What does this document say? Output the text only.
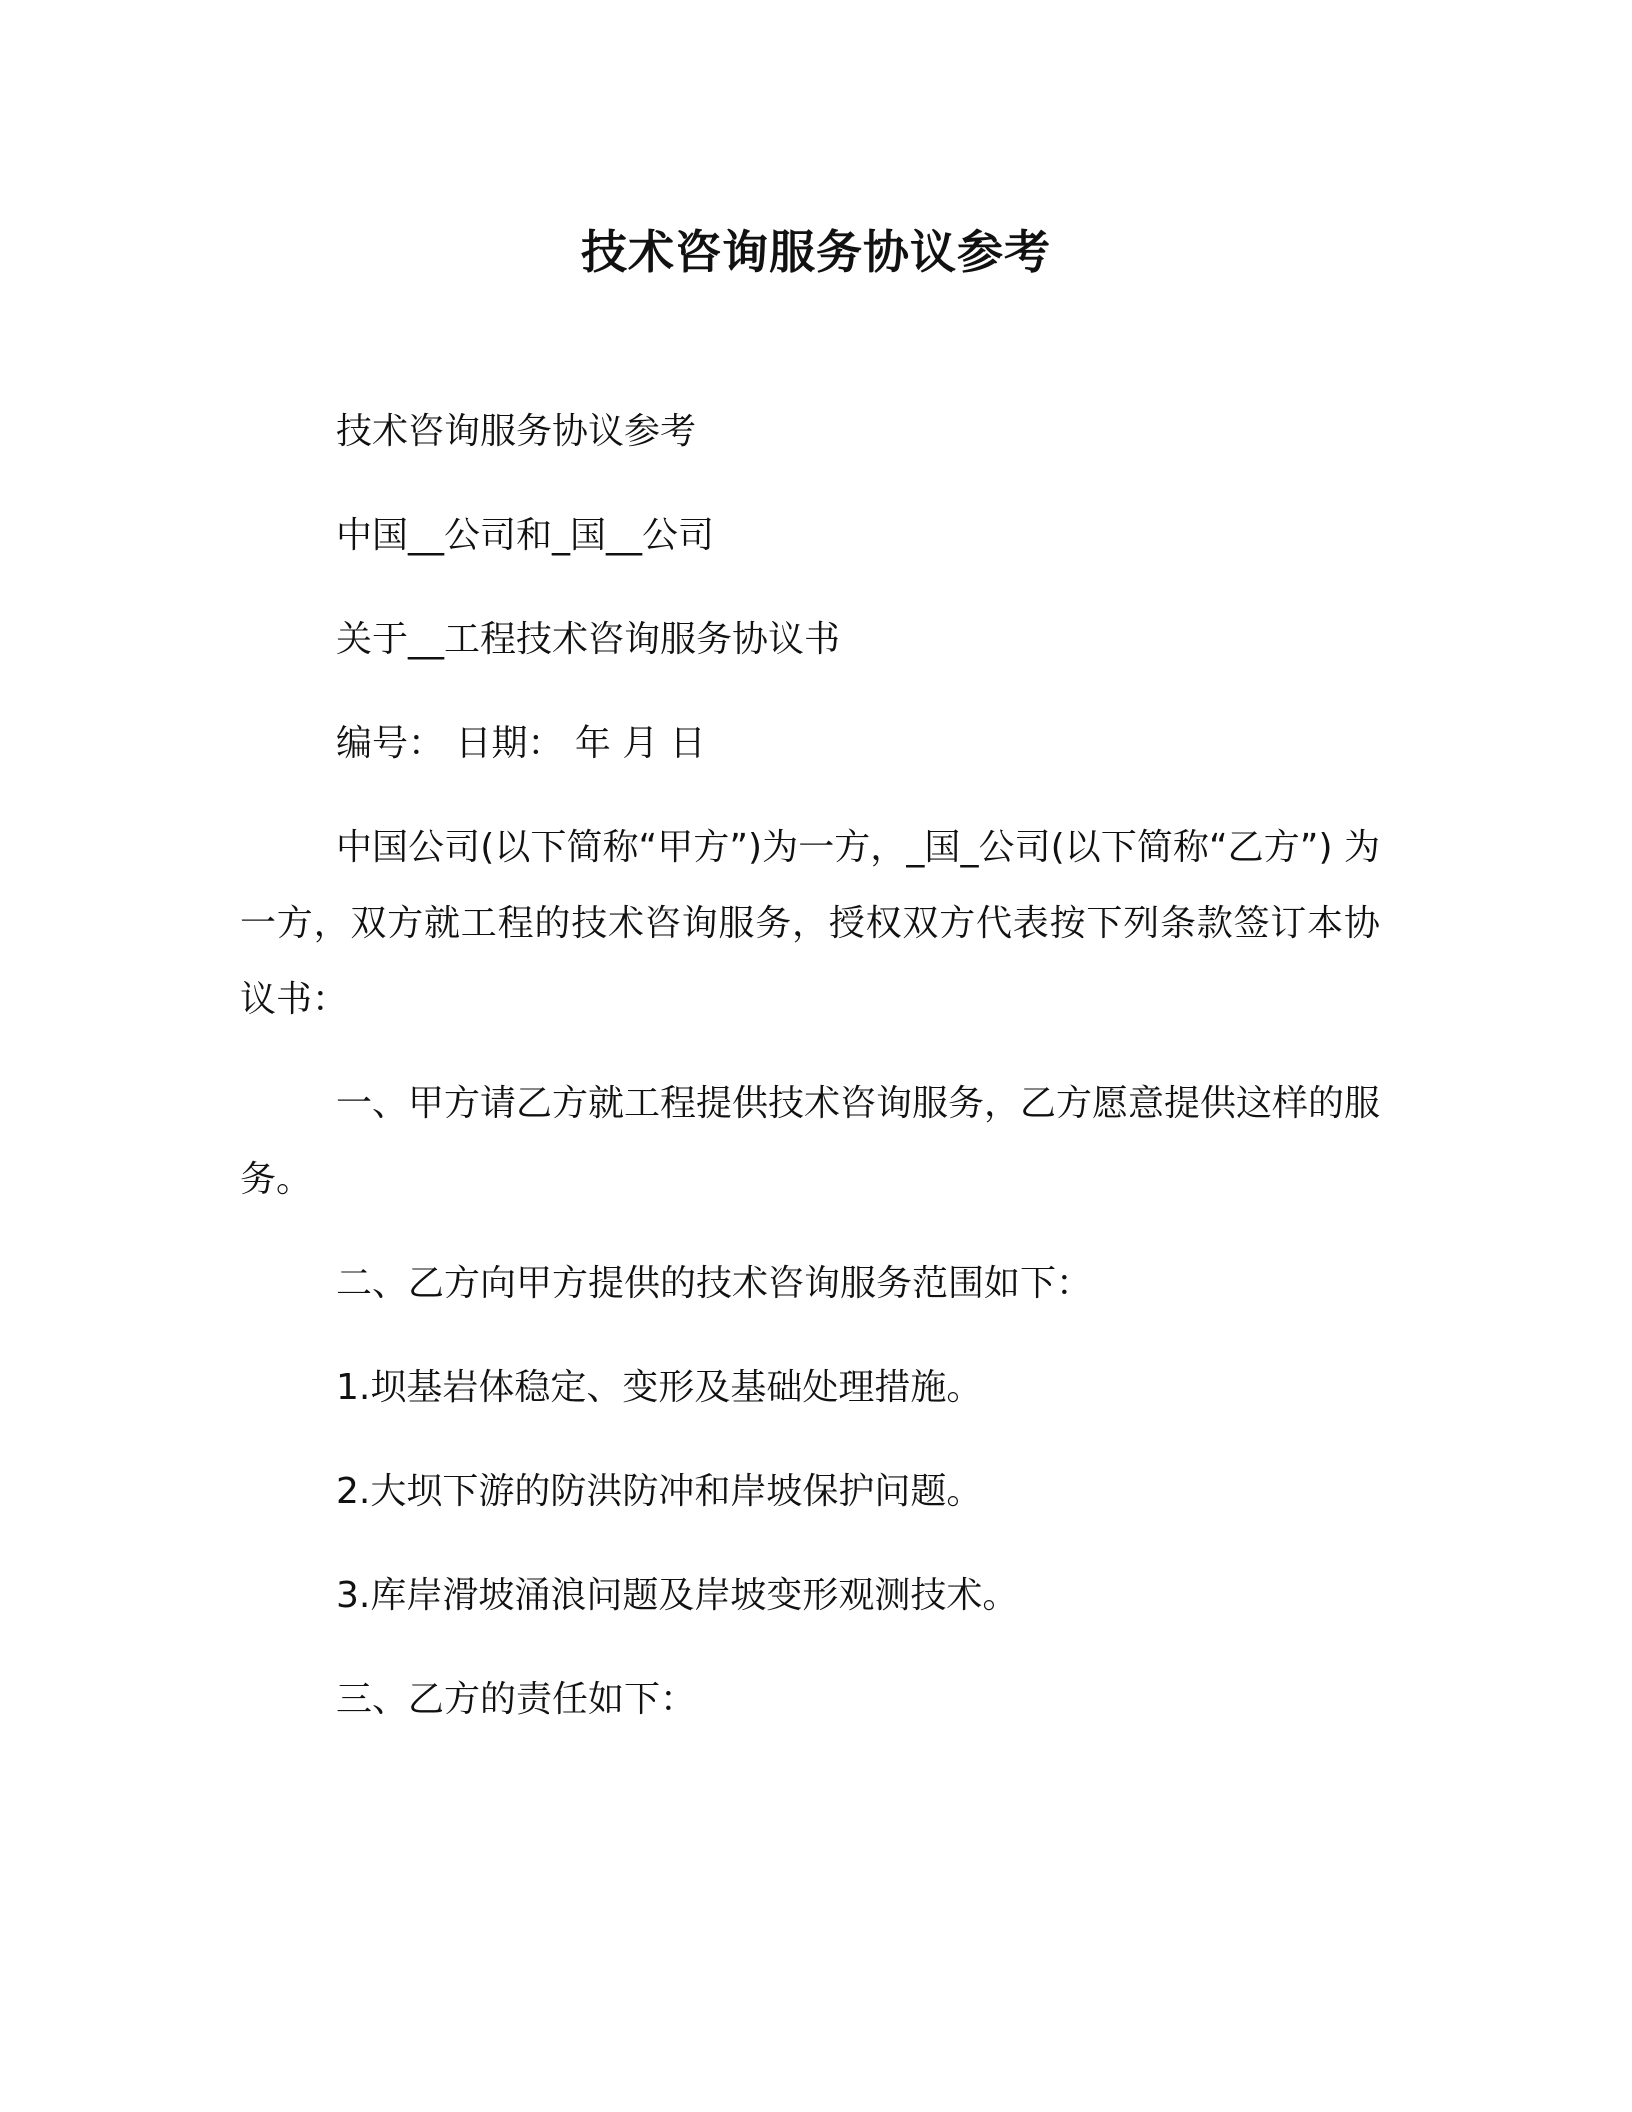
技术咨询服务协议参考

技术咨询服务协议参考

中国__公司和_国__公司

关于__工程技术咨询服务协议书

编号： 日期： 年 月 日

中国公司(以下简称“甲方”)为一方，_国_公司(以下简称“乙方”) 为一方，双方就工程的技术咨询服务，授权双方代表按下列条款签订本协议书：

一、甲方请乙方就工程提供技术咨询服务，乙方愿意提供这样的服务。

二、乙方向甲方提供的技术咨询服务范围如下：

1.坝基岩体稳定、变形及基础处理措施。

2.大坝下游的防洪防冲和岸坡保护问题。

3.库岸滑坡涌浪问题及岸坡变形观测技术。

三、乙方的责任如下：
